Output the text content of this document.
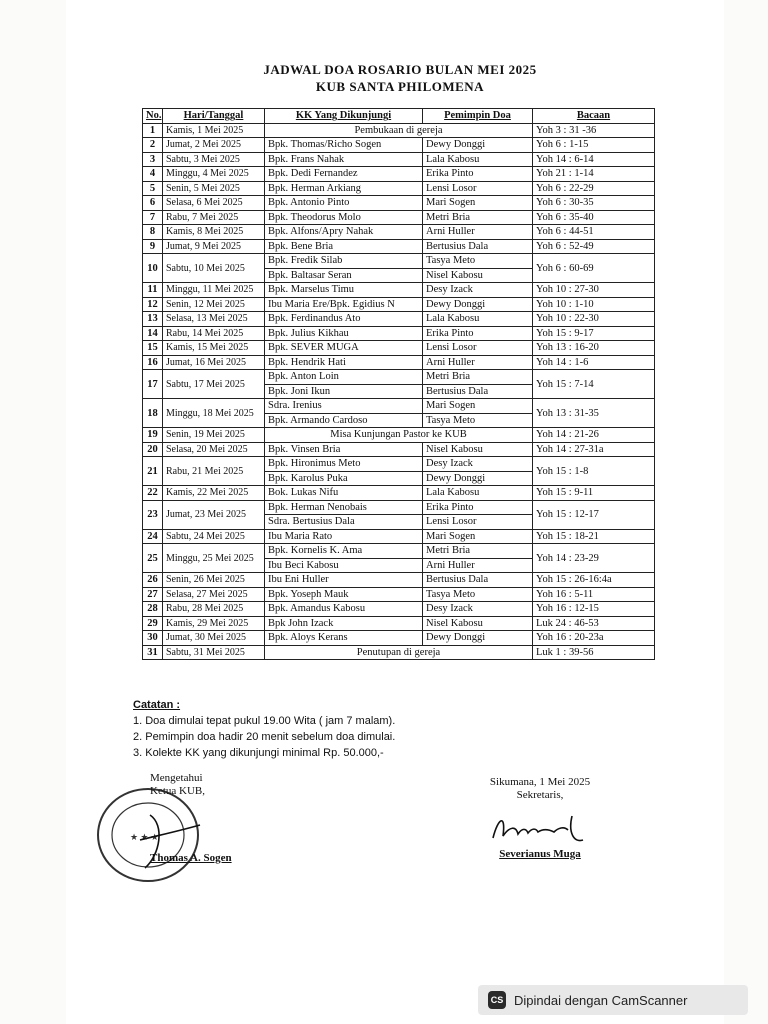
JADWAL DOA ROSARIO BULAN MEI 2025
KUB SANTA PHILOMENA
No.	Hari/Tanggal	KK Yang Dikunjungi	Pemimpin Doa	Bacaan
1	Kamis, 1 Mei 2025	Pembukaan di gereja		Yoh 3 : 31 -36
2	Jumat, 2 Mei 2025	Bpk. Thomas/Richo Sogen	Dewy Donggi	Yoh 6 : 1-15
3	Sabtu, 3 Mei 2025	Bpk. Frans Nahak	Lala Kabosu	Yoh 14 : 6-14
4	Minggu, 4 Mei 2025	Bpk. Dedi Fernandez	Erika Pinto	Yoh 21 : 1-14
5	Senin, 5 Mei 2025	Bpk. Herman Arkiang	Lensi Losor	Yoh 6 : 22-29
6	Selasa, 6 Mei 2025	Bpk. Antonio Pinto	Mari Sogen	Yoh 6 : 30-35
7	Rabu, 7 Mei 2025	Bpk. Theodorus Molo	Metri Bria	Yoh 6 : 35-40
8	Kamis, 8 Mei 2025	Bpk. Alfons/Apry Nahak	Arni Huller	Yoh 6 : 44-51
9	Jumat, 9 Mei 2025	Bpk. Bene Bria	Bertusius Dala	Yoh 6 : 52-49
10	Sabtu, 10 Mei 2025	Bpk. Fredik Silab	Tasya Meto	Yoh 6 : 60-69
		Bpk. Baltasar Seran	Nisel Kabosu	
11	Minggu, 11 Mei 2025	Bpk. Marselus Timu	Desy Izack	Yoh 10 : 27-30
12	Senin, 12 Mei 2025	Ibu Maria Ere/Bpk. Egidius N	Dewy Donggi	Yoh 10 : 1-10
13	Selasa, 13 Mei 2025	Bpk. Ferdinandus Ato	Lala Kabosu	Yoh 10 : 22-30
14	Rabu, 14 Mei 2025	Bpk. Julius Kikhau	Erika Pinto	Yoh 15 : 9-17
15	Kamis, 15 Mei 2025	Bpk. SEVER MUGA	Lensi Losor	Yoh 13 : 16-20
16	Jumat, 16 Mei 2025	Bpk. Hendrik Hati	Arni Huller	Yoh 14 : 1-6
17	Sabtu, 17 Mei 2025	Bpk. Anton Loin	Metri Bria	Yoh 15 : 7-14
		Bpk. Joni Ikun	Bertusius Dala	
18	Minggu, 18 Mei 2025	Sdra. Irenius	Mari Sogen	Yoh 13 : 31-35
		Bpk. Armando Cardoso	Tasya Meto	
19	Senin, 19 Mei 2025	Misa Kunjungan Pastor ke KUB		Yoh 14 : 21-26
20	Selasa, 20 Mei 2025	Bpk. Vinsen Bria	Nisel Kabosu	Yoh 14 : 27-31a
21	Rabu, 21 Mei 2025	Bpk. Hironimus Meto	Desy Izack	Yoh 15 : 1-8
		Bpk. Karolus Puka	Dewy Donggi	
22	Kamis, 22 Mei 2025	Bok. Lukas Nifu	Lala Kabosu	Yoh 15 : 9-11
23	Jumat, 23 Mei 2025	Bpk. Herman Nenobais	Erika Pinto	Yoh 15 : 12-17
		Sdra. Bertusius Dala	Lensi Losor	
24	Sabtu, 24 Mei 2025	Ibu Maria Rato	Mari Sogen	Yoh 15 : 18-21
25	Minggu, 25 Mei 2025	Bpk. Kornelis K. Ama	Metri Bria	Yoh 14 : 23-29
		Ibu Beci Kabosu	Arni Huller	
26	Senin, 26 Mei 2025	Ibu Eni Huller	Bertusius Dala	Yoh 15 : 26-16:4a
27	Selasa, 27 Mei 2025	Bpk. Yoseph Mauk	Tasya Meto	Yoh 16 : 5-11
28	Rabu, 28 Mei 2025	Bpk. Amandus Kabosu	Desy Izack	Yoh 16 : 12-15
29	Kamis, 29 Mei 2025	Bpk John Izack	Nisel Kabosu	Luk 24 : 46-53
30	Jumat, 30 Mei 2025	Bpk. Aloys Kerans	Dewy Donggi	Yoh 16 : 20-23a
31	Sabtu, 31 Mei 2025	Penutupan di gereja		Luk 1 : 39-56
Catatan :
1. Doa dimulai tepat pukul 19.00 Wita ( jam 7 malam).
2. Pemimpin doa hadir 20 menit sebelum doa dimulai.
3. Kolekte KK yang dikunjungi minimal Rp. 50.000,-
★ ★ ★
Mengetahui
Ketua KUB,
Thomas A. Sogen
Sikumana, 1 Mei 2025
Sekretaris,
Severianus Muga
CS Dipindai dengan CamScanner
